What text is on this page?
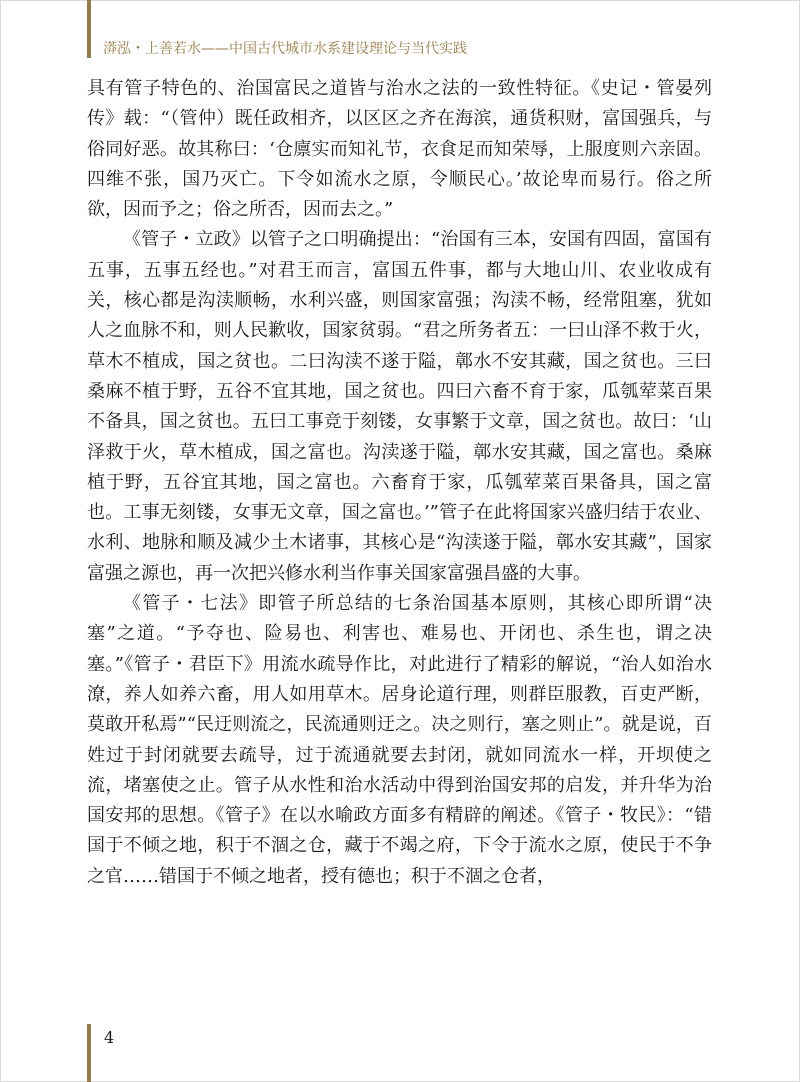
漭泓・上善若水——中国古代城市水系建设理论与当代实践

具有管子特色的、治国富民之道皆与治水之法的一致性特征。《史记・管晏列传》载：“（管仲）既任政相齐，以区区之齐在海滨，通货积财，富国强兵，与俗同好恶。故其称曰：‘仓廪实而知礼节，衣食足而知荣辱，上服度则六亲固。四维不张，国乃灭亡。下令如流水之原，令顺民心。’故论卑而易行。俗之所欲，因而予之；俗之所否，因而去之。”

《管子・立政》以管子之口明确提出：“治国有三本，安国有四固，富国有五事，五事五经也。”对君王而言，富国五件事，都与大地山川、农业收成有关，核心都是沟渎顺畅，水利兴盛，则国家富强；沟渎不畅，经常阻塞，犹如人之血脉不和，则人民歉收，国家贫弱。“君之所务者五：一曰山泽不救于火，草木不植成，国之贫也。二曰沟渎不遂于隘，鄣水不安其藏，国之贫也。三曰桑麻不植于野，五谷不宜其地，国之贫也。四曰六畜不育于家，瓜瓠荤菜百果不备具，国之贫也。五曰工事竞于刻镂，女事繁于文章，国之贫也。故曰：‘山泽救于火，草木植成，国之富也。沟渎遂于隘，鄣水安其藏，国之富也。桑麻植于野，五谷宜其地，国之富也。六畜育于家，瓜瓠荤菜百果备具，国之富也。工事无刻镂，女事无文章，国之富也。’”管子在此将国家兴盛归结于农业、水利、地脉和顺及减少土木诸事，其核心是“沟渎遂于隘，鄣水安其藏”，国家富强之源也，再一次把兴修水利当作事关国家富强昌盛的大事。

《管子・七法》即管子所总结的七条治国基本原则，其核心即所谓“决塞”之道。“予夺也、险易也、利害也、难易也、开闭也、杀生也，谓之决塞。”《管子・君臣下》用流水疏导作比，对此进行了精彩的解说，“治人如治水潦，养人如养六畜，用人如用草木。居身论道行理，则群臣服教，百吏严断，莫敢开私焉”“民迂则流之，民流通则迂之。决之则行，塞之则止”。就是说，百姓过于封闭就要去疏导，过于流通就要去封闭，就如同流水一样，开坝使之流，堵塞使之止。管子从水性和治水活动中得到治国安邦的启发，并升华为治国安邦的思想。《管子》在以水喻政方面多有精辟的阐述。《管子・牧民》：“错国于不倾之地，积于不涸之仓，藏于不竭之府，下令于流水之原，使民于不争之官……错国于不倾之地者，授有德也；积于不涸之仓者，

4
